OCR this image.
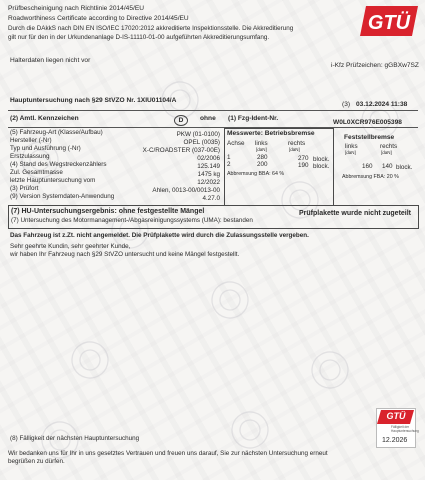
Prüfbescheinigung nach Richtlinie 2014/45/EU
Roadworthiness Certificate according to Directive 2014/45/EU
Durch die DAkkS nach DIN EN ISO/IEC 17020:2012 akkreditierte Inspektionsstelle. Die Akkreditierung
gilt nur für den in der Urkundenanlage D-IS-11110-01-00 aufgeführten Akkreditierungsumfang.
GTÜ
Halterdaten liegen nicht vor
i-Kfz Prüfzeichen: gGBXw7SZ
Hauptuntersuchung nach §29 StVZO Nr. 1XIU01104/A
(3) 03.12.2024 11:38
(2) Amtl. Kennzeichen	D	ohne (1) Fzg-Ident-Nr.
W0L0XCR976E005398
(5) Fahrzeug-Art (Klasse/Aufbau)	PKW (01-0100)
Hersteller (-Nr)	OPEL (0035)
Typ und Ausführung (-Nr)	X-C/ROADSTER (037-00E)
Erstzulassung	02/2006
(4) Stand des Wegstreckenzählers	125.149
Zul. Gesamtmasse	1475 kg
letzte Hauptuntersuchung vom	12/2022
(3) Prüfort	Ahlen, 0013-00/0013-00
(9) Version Systemdaten-Anwendung	4.27.0
Messwerte: Betriebsbremse
Achse links	rechts
[daN]	[daN]
1	280	270 block.
2	200	190 block.
Abbremsung BBA: 64 %
Feststellbremse
links	rechts
[daN]	[daN]
160 140 block.
Abbremsung FBA: 20 %
(7) HU-Untersuchungsergebnis: ohne festgestellte Mängel	Prüfplakette wurde nicht zugeteilt
(7) Untersuchung des Motormanagement-/Abgasreinigungssystems (UMA): bestanden
Das Fahrzeug ist z.Zt. nicht angemeldet. Die Prüfplakette wird durch die Zulassungsstelle vergeben.
Sehr geehrte Kundin, sehr geehrter Kunde,
wir haben Ihr Fahrzeug nach §29 StVZO untersucht und keine Mängel festgestellt.
GTÜ
Fälligkeit der
Hauptuntersuchung
12.2026
(8) Fälligkeit der nächsten Hauptuntersuchung
Wir bedanken uns für Ihr in uns gesetztes Vertrauen und freuen uns darauf, Sie zur nächsten Untersuchung erneut
begrüßen zu dürfen.
